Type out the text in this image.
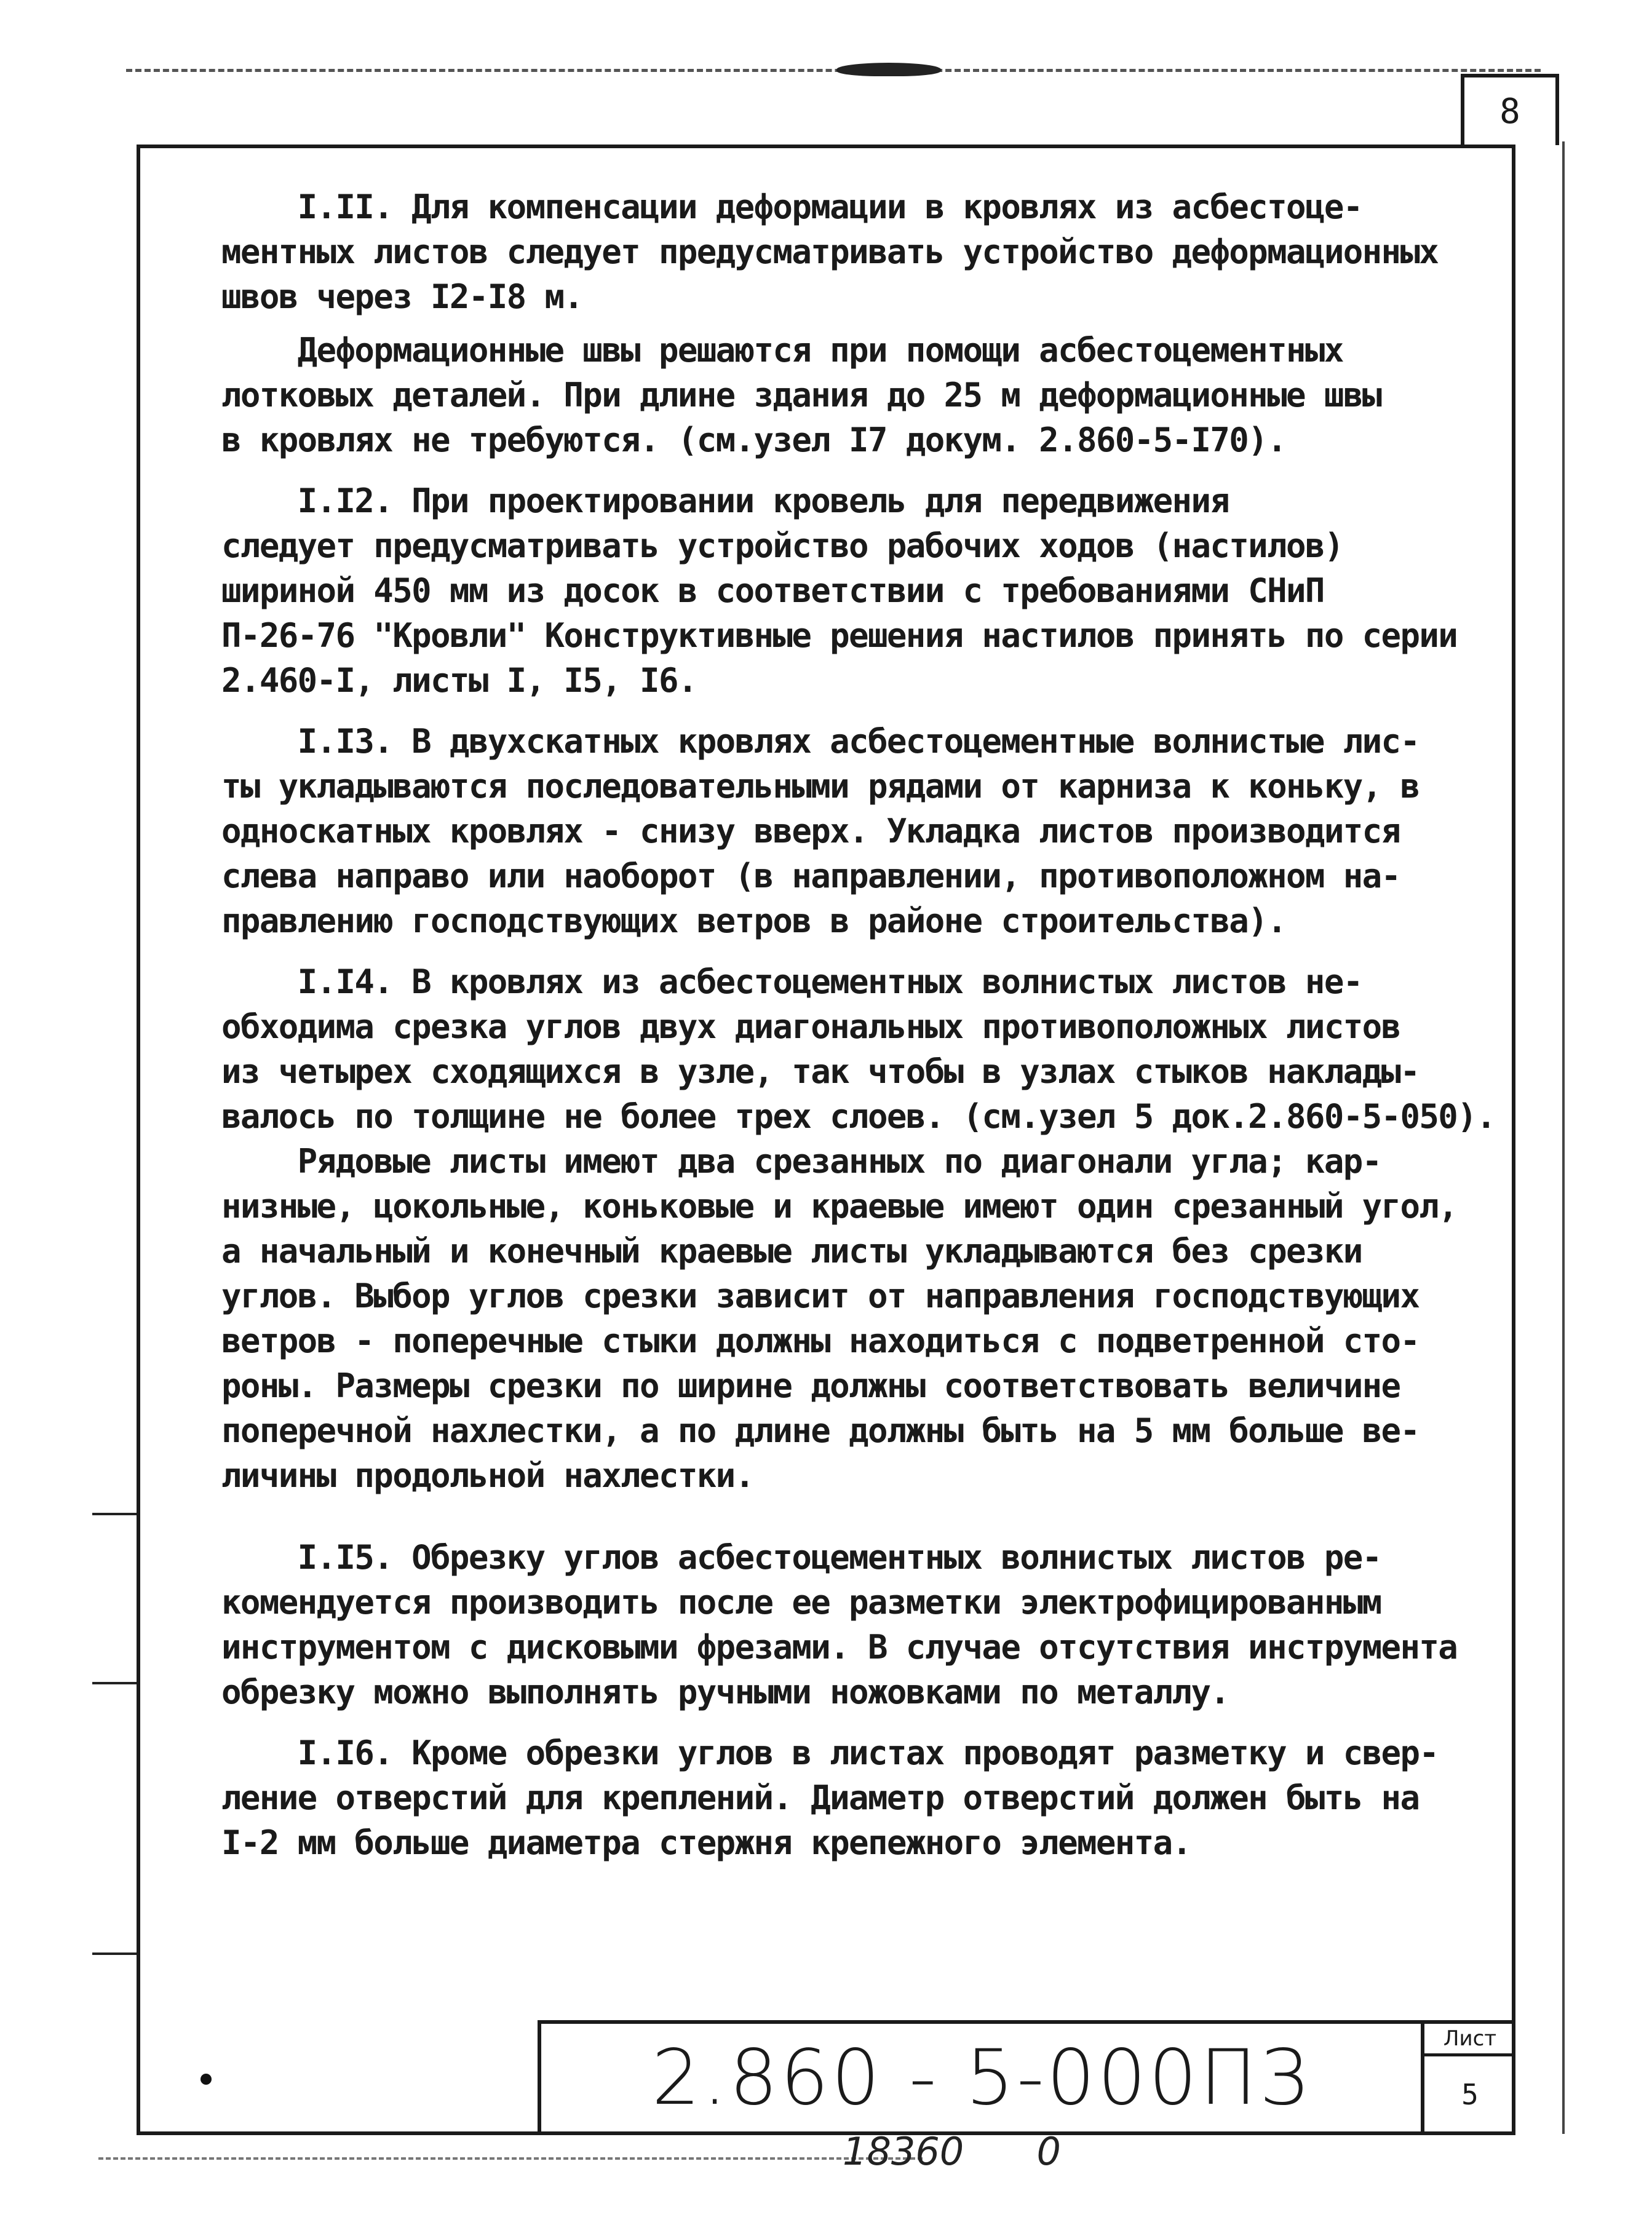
8

I.II. Для компенсации деформации в кровлях из асбестоце-

ментных листов следует предусматривать устройство деформационных

швов через I2-I8 м.

Деформационные швы решаются при помощи асбестоцементных

лотковых деталей. При длине здания до 25 м деформационные швы

в кровлях не требуются. (см.узел I7 докум. 2.860-5-I70).

I.I2. При проектировании кровель для передвижения

следует предусматривать устройство рабочих ходов (настилов)

шириной 450 мм из досок в соответствии с требованиями СНиП

П-26-76 "Кровли" Конструктивные решения настилов принять по серии

2.460-I, листы I, I5, I6.

I.I3. В двухскатных кровлях асбестоцементные волнистые лис-

ты укладываются последовательными рядами от карниза к коньку, в

односкатных кровлях - снизу вверх. Укладка листов производится

слева направо или наоборот (в направлении, противоположном на-

правлению господствующих ветров в районе строительства).

I.I4. В кровлях из асбестоцементных волнистых листов не-

обходима срезка углов двух диагональных противоположных листов

из четырех сходящихся в узле, так чтобы в узлах стыков наклады-

валось по толщине не более трех слоев. (см.узел 5 док.2.860-5-050).

Рядовые листы имеют два срезанных по диагонали угла; кар-

низные, цокольные, коньковые и краевые имеют один срезанный угол,

а начальный и конечный краевые листы укладываются без срезки

углов. Выбор углов срезки зависит от направления господствующих

ветров - поперечные стыки должны находиться с подветренной сто-

роны. Размеры срезки по ширине должны соответствовать величине

поперечной нахлестки, а по длине должны быть на 5 мм больше ве-

личины продольной нахлестки.

I.I5. Обрезку углов асбестоцементных волнистых листов ре-

комендуется производить после ее разметки электрофицированным

инструментом с дисковыми фрезами. В случае отсутствия инструмента

обрезку можно выполнять ручными ножовками по металлу.

I.I6. Кроме обрезки углов в листах проводят разметку и свер-

ление отверстий для креплений. Диаметр отверстий должен быть на

I-2 мм больше диаметра стержня крепежного элемента.

2.860 - 5-000ПЗ	Лист
5
18360      0
